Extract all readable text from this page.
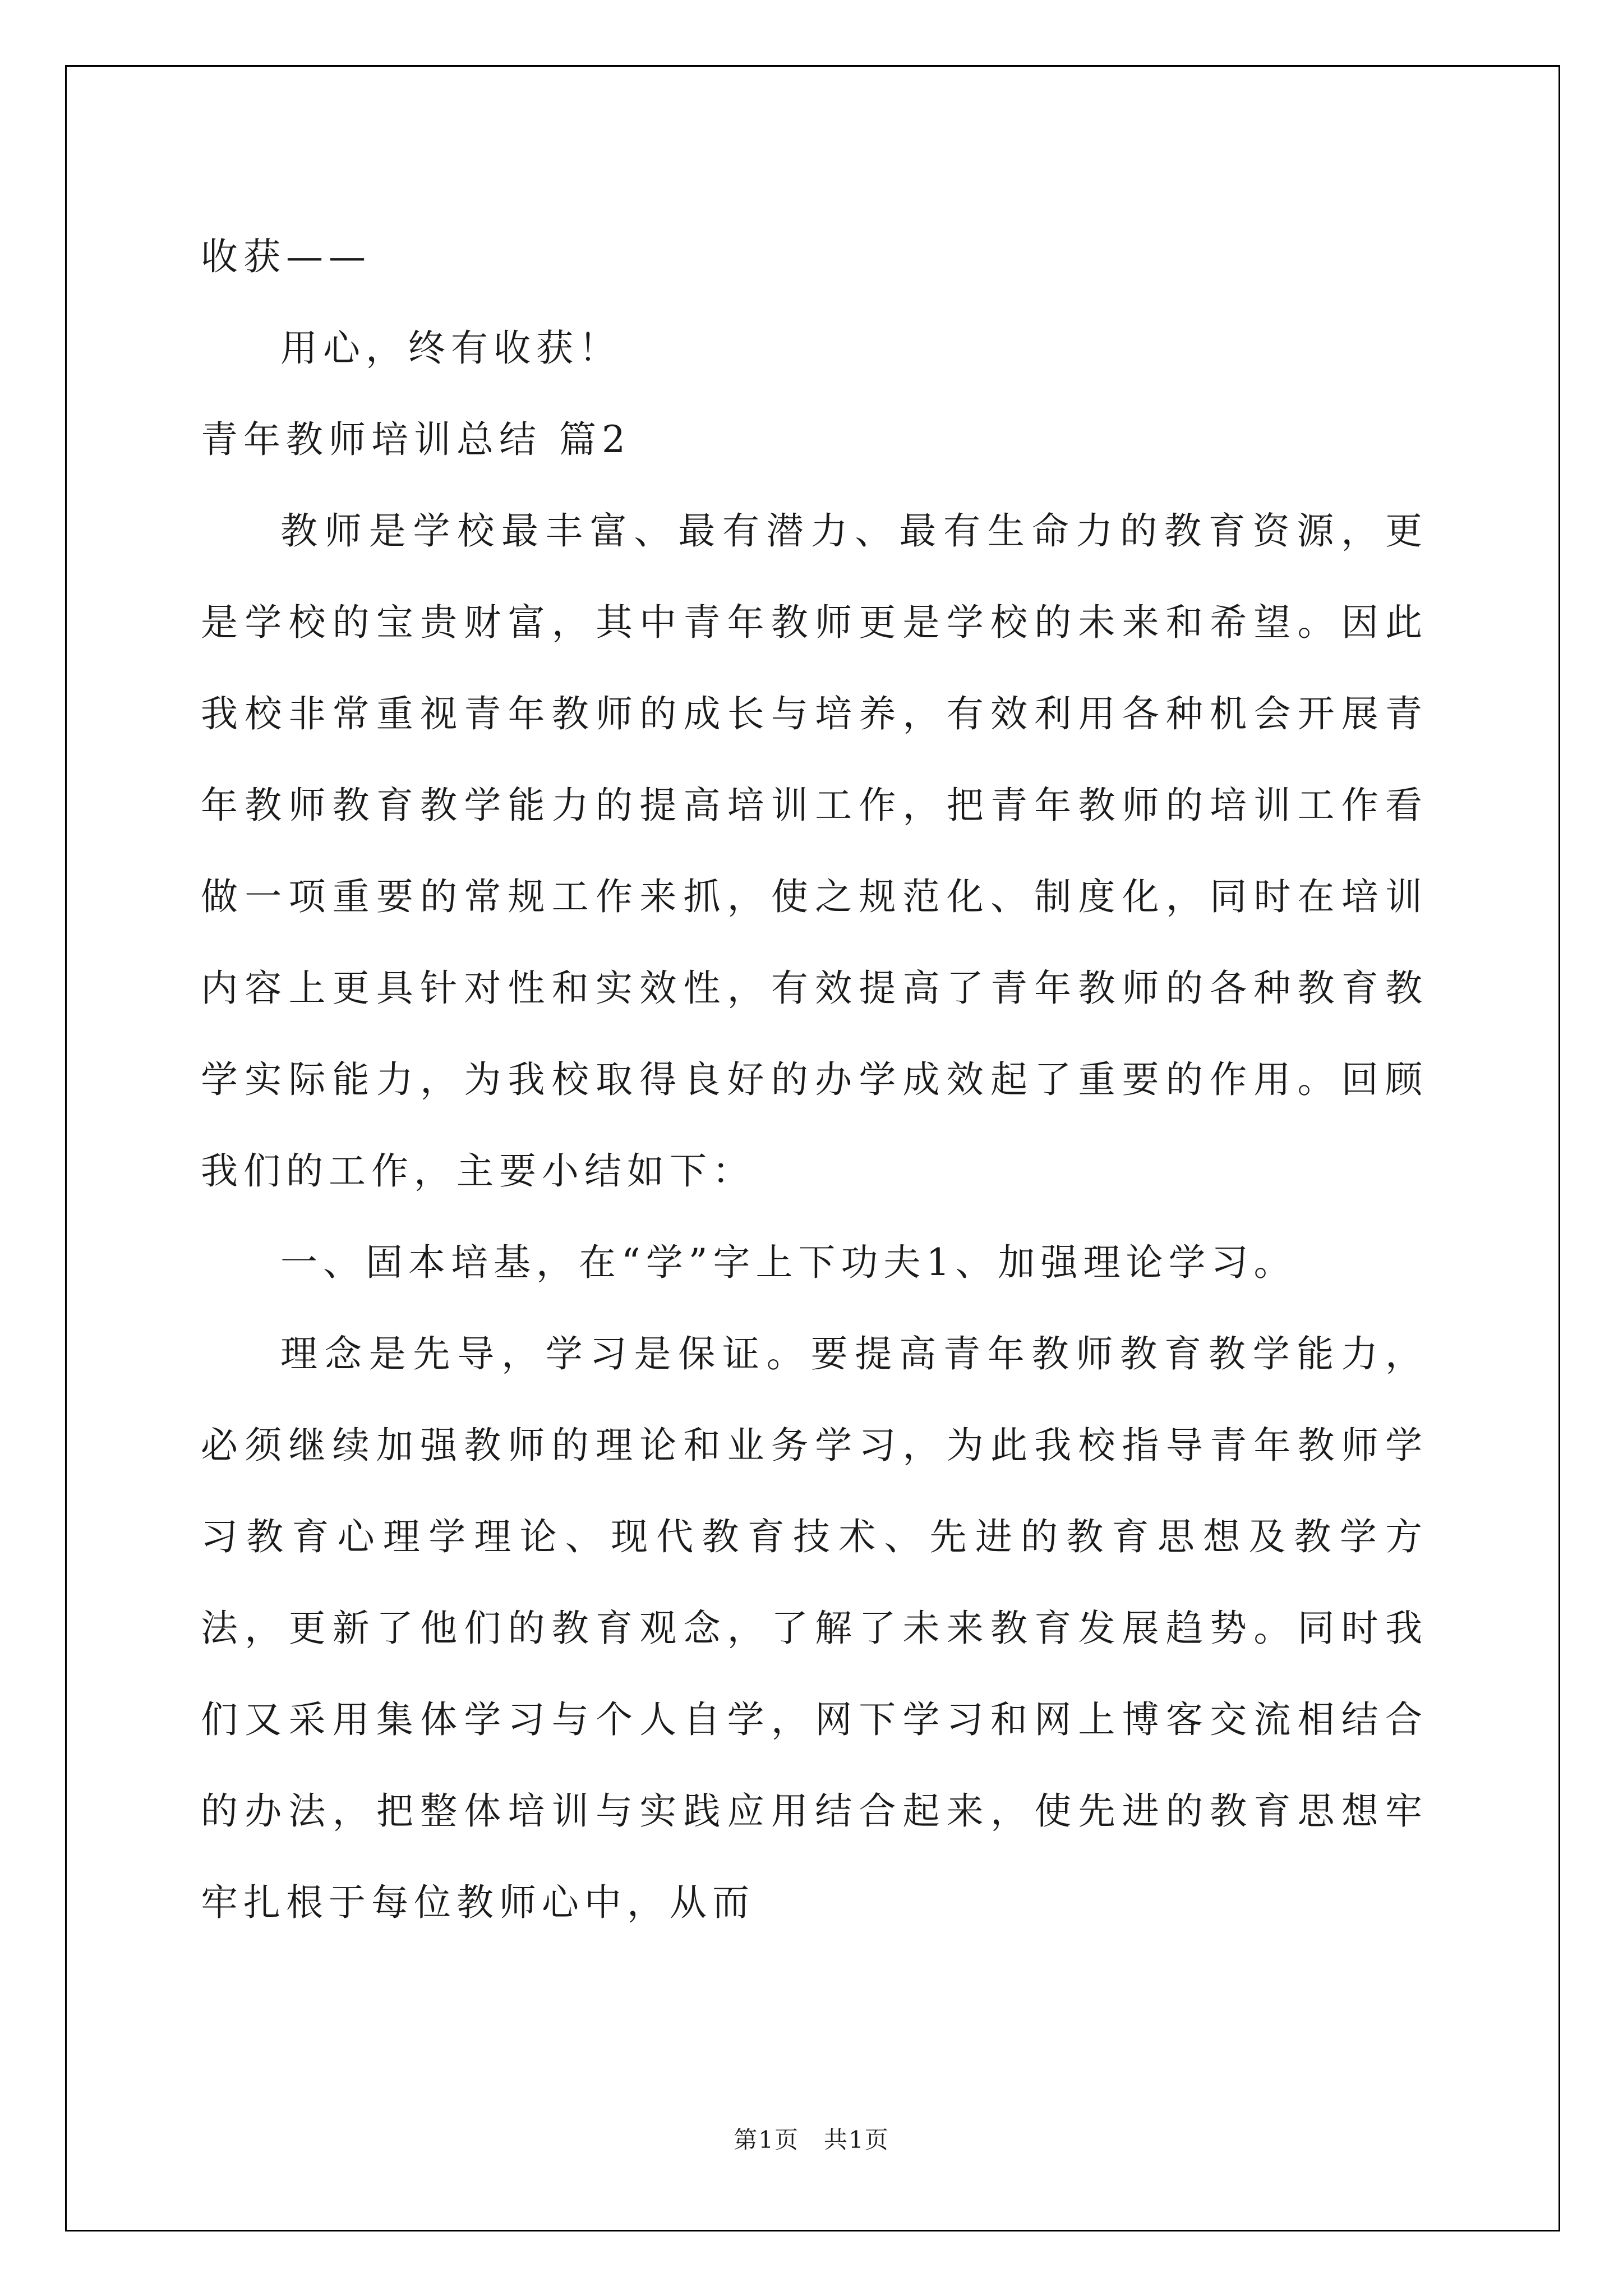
收获——
用心，终有收获！
青年教师培训总结 篇2

教师是学校最丰富、最有潜力、最有生命力的教育资源，更是学校的宝贵财富，其中青年教师更是学校的未来和希望。因此我校非常重视青年教师的成长与培养，有效利用各种机会开展青年教师教育教学能力的提高培训工作，把青年教师的培训工作看做一项重要的常规工作来抓，使之规范化、制度化，同时在培训内容上更具针对性和实效性，有效提高了青年教师的各种教育教学实际能力，为我校取得良好的办学成效起了重要的作用。回顾我们的工作，主要小结如下：

一、固本培基，在“学”字上下功夫1、加强理论学习。

理念是先导，学习是保证。要提高青年教师教育教学能力，必须继续加强教师的理论和业务学习，为此我校指导青年教师学习教育心理学理论、现代教育技术、先进的教育思想及教学方法，更新了他们的教育观念，了解了未来教育发展趋势。同时我们又采用集体学习与个人自学，网下学习和网上博客交流相结合的办法，把整体培训与实践应用结合起来，使先进的教育思想牢牢扎根于每位教师心中，从而

第1页　共1页
